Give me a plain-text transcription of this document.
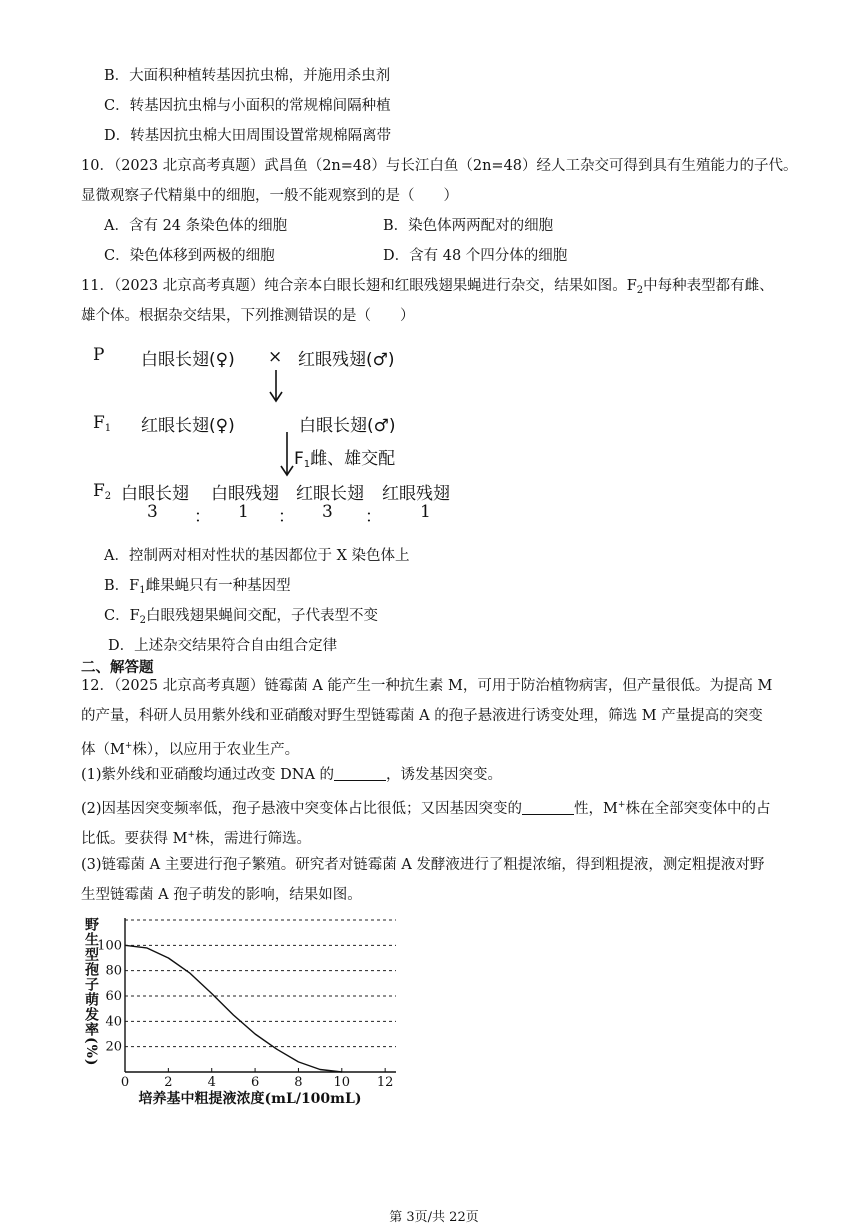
B．大面积种植转基因抗虫棉，并施用杀虫剂
C．转基因抗虫棉与小面积的常规棉间隔种植
D．转基因抗虫棉大田周围设置常规棉隔离带
10．（2023 北京高考真题）武昌鱼（2n=48）与长江白鱼（2n=48）经人工杂交可得到具有生殖能力的子代。
显微观察子代精巢中的细胞，一般不能观察到的是（　　）
A．含有 24 条染色体的细胞	B．染色体两两配对的细胞
C．染色体移到两极的细胞	D．含有 48 个四分体的细胞
11．（2023 北京高考真题）纯合亲本白眼长翅和红眼残翅果蝇进行杂交，结果如图。$F_2$中每种表型都有雌、
雄个体。根据杂交结果，下列推测错误的是（　　）
P 白眼长翅(♀) × 红眼残翅(♂)
$F_1$ 红眼长翅(♀)	白眼长翅(♂)
$F_1$雌、雄交配
$F_2$ 白眼长翅 白眼残翅 红眼长翅 红眼残翅
3 ： 1 ： 3 ： 1
A．控制两对相对性状的基因都位于 X 染色体上
B．$F_1$雌果蝇只有一种基因型
C．$F_2$白眼残翅果蝇间交配，子代表型不变
D．上述杂交结果符合自由组合定律
二、解答题
12．（2025 北京高考真题）链霉菌 A 能产生一种抗生素 M，可用于防治植物病害，但产量很低。为提高 M
的产量，科研人员用紫外线和亚硝酸对野生型链霉菌 A 的孢子悬液进行诱变处理，筛选 M 产量提高的突变
体（M+株），以应用于农业生产。
(1)紫外线和亚硝酸均通过改变 DNA 的	，诱发基因突变。
(2)因基因突变频率低，孢子悬液中突变体占比很低；又因基因突变的	性，M+株在全部突变体中的占
比低。要获得 M+株，需进行筛选。
(3)链霉菌 A 主要进行孢子繁殖。研究者对链霉菌 A 发酵液进行了粗提浓缩，得到粗提液，测定粗提液对野
生型链霉菌 A 孢子萌发的影响，结果如图。
0	2	4	6	8 10 12
20
40
60
80
100
培养基中粗提液浓度(mL/100mL)
野生型孢子萌发率(%)
第 3页/共 22页
